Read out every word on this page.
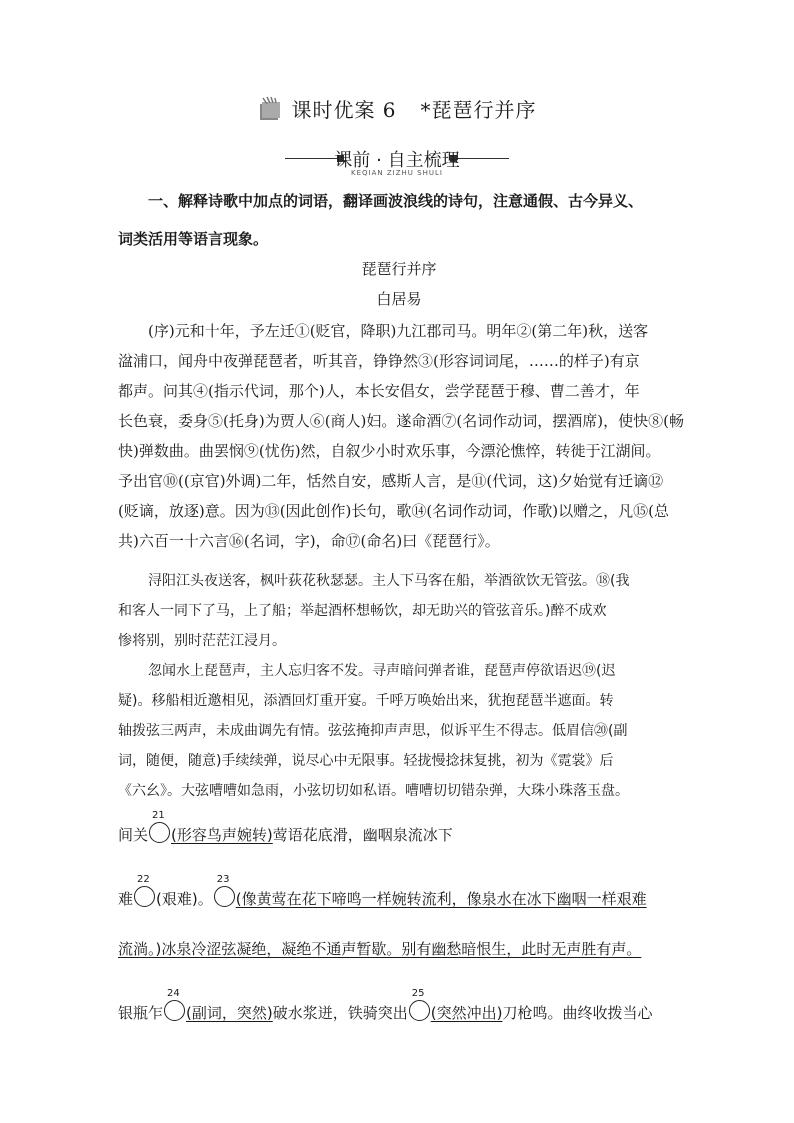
课时优案 6 *琵琶行并序
课前 · 自主梳理
KEQIAN ZIZHU SHULI
一、解释诗歌中加点的词语，翻译画波浪线的诗句，注意通假、古今异义、
词类活用等语言现象。
琵琶行并序
白居易
(序)元和十年，予左迁①(贬官，降职)九江郡司马。明年②(第二年)秋，送客
湓浦口，闻舟中夜弹琵琶者，听其音，铮铮然③(形容词词尾，……的样子)有京
都声。问其④(指示代词，那个)人，本长安倡女，尝学琵琶于穆、曹二善才，年
长色衰，委身⑤(托身)为贾人⑥(商人)妇。遂命酒⑦(名词作动词，摆酒席)，使快⑧(畅
快)弹数曲。曲罢悯⑨(忧伤)然，自叙少小时欢乐事，今漂沦憔悴，转徙于江湖间。
予出官⑩((京官)外调)二年，恬然自安，感斯人言，是⑪(代词，这)夕始觉有迁谪⑫
(贬谪，放逐)意。因为⑬(因此创作)长句，歌⑭(名词作动词，作歌)以赠之，凡⑮(总
共)六百一十六言⑯(名词，字)，命⑰(命名)曰《琵琶行》。
浔阳江头夜送客，枫叶荻花秋瑟瑟。主人下马客在船，举酒欲饮无管弦。⑱(我
和客人一同下了马，上了船；举起酒杯想畅饮，却无助兴的管弦音乐。)醉不成欢
惨将别，别时茫茫江浸月。
忽闻水上琵琶声，主人忘归客不发。寻声暗问弹者谁，琵琶声停欲语迟⑲(迟
疑)。移船相近邀相见，添酒回灯重开宴。千呼万唤始出来，犹抱琵琶半遮面。转
轴拨弦三两声，未成曲调先有情。弦弦掩抑声声思，似诉平生不得志。低眉信⑳(副
词，随便，随意)手续续弹，说尽心中无限事。轻拢慢捻抹复挑，初为《霓裳》后
《六幺》。大弦嘈嘈如急雨，小弦切切如私语。嘈嘈切切错杂弹，大珠小珠落玉盘。
间关
21
(形容鸟声婉转)莺语花底滑，幽咽泉流冰下
难
22
(艰难)。
23
(像黄莺在花下啼鸣一样婉转流利，像泉水在冰下幽咽一样艰难
流淌。)冰泉冷涩弦凝绝，凝绝不通声暂歇。别有幽愁暗恨生，此时无声胜有声。
银瓶乍
24
(副词，突然)破水浆迸，铁骑突出
25
(突然冲出)刀枪鸣。曲终收拨当心
